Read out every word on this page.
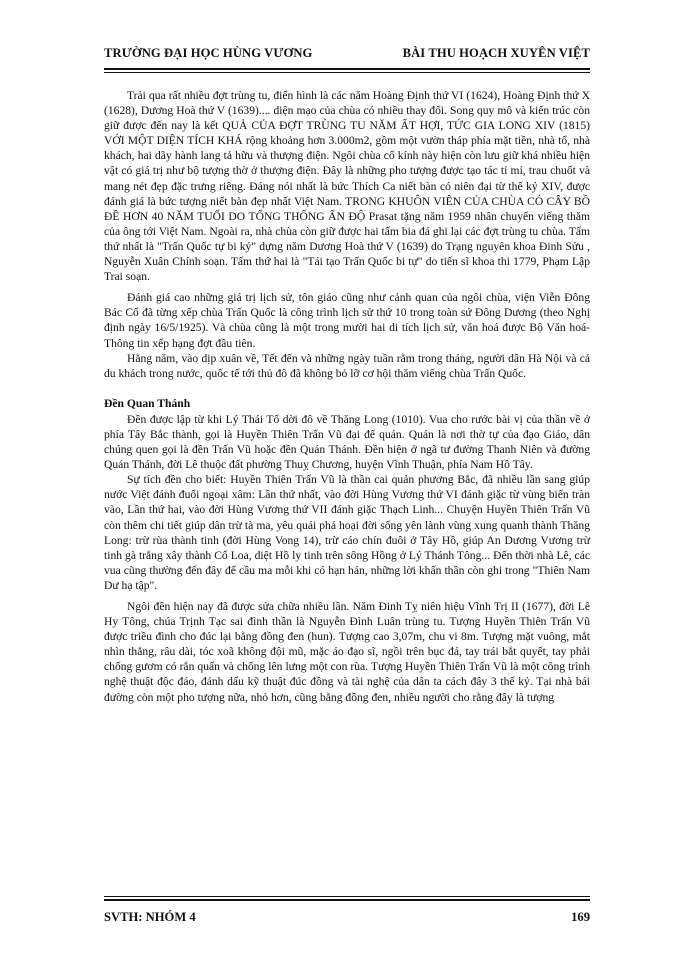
TRƯỜNG ĐẠI HỌC HÙNG VƯƠNG	BÀI THU HOẠCH XUYÊN VIỆT

Trải qua rất nhiều đợt trùng tu, điển hình là các năm Hoàng Định thứ VI (1624), Hoàng Định thứ X (1628), Dương Hoà thứ V (1639).... diện mạo của chùa có nhiều thay đổi. Song quy mô và kiến trúc còn giữ được đến nay là kết QUẢ CỦA ĐỢT TRÙNG TU NĂM ẤT HỢI, TỨC GIA LONG XIV (1815) VỚI MỘT DIỆN TÍCH KHÁ rộng khoảng hơn 3.000m2, gồm một vườn tháp phía mặt tiền, nhà tổ, nhà khách, hai dãy hành lang tả hữu và thượng điện. Ngôi chùa cổ kính này hiện còn lưu giữ khá nhiều hiện vật có giá trị như bộ tượng thờ ở thượng điện. Đây là những pho tượng được tạo tác tỉ mỉ, trau chuốt và mang nét đẹp đặc trưng riêng. Đáng nói nhất là bức Thích Ca niết bàn có niên đại từ thế kỷ XIV, được đánh giá là bức tượng niết bàn đẹp nhất Việt Nam. TRONG KHUÔN VIÊN CỦA CHÙA CÓ CÂY BỒ ĐỀ HƠN 40 NĂM TUỔI DO TỔNG THỐNG ẤN ĐỘ Prasat tặng năm 1959 nhân chuyến viếng thăm của ông tới Việt Nam. Ngoài ra, nhà chùa còn giữ được hai tấm bia đá ghi lại các đợt trùng tu chùa. Tấm thứ nhất là "Trấn Quốc tự bi ký" dựng năm Dương Hoà thứ V (1639) do Trạng nguyên khoa Đinh Sửu , Nguyễn Xuân Chính soạn. Tấm thứ hai là "Tái tạo Trấn Quốc bi tự" do tiến sĩ khoa thi 1779, Phạm Lập Trai soạn.

Đánh giá cao những giá trị lịch sử, tôn giáo cũng như cảnh quan của ngôi chùa, viện Viễn Đông Bác Cổ đã từng xếp chùa Trấn Quốc là công trình lịch sử thứ 10 trong toàn sứ Đông Dương (theo Nghị định ngày 16/5/1925). Và chùa cũng là một trong mười hai di tích lịch sử, văn hoá được Bộ Văn hoá- Thông tin xếp hạng đợt đầu tiên.

Hằng năm, vào dịp xuân về, Tết đến và những ngày tuần rằm trong tháng, người dân Hà Nội và cả du khách trong nước, quốc tế tới thủ đô đã không bỏ lỡ cơ hội thăm viếng chùa Trấn Quốc.

Đền Quan Thánh

Đền được lập từ khi Lý Thái Tổ dời đô về Thăng Long (1010). Vua cho rước bài vị của thần về ở phía Tây Bắc thành, gọi là Huyền Thiên Trấn Vũ đại đế quán. Quán là nơi thờ tự của đạo Giáo, dân chúng quen gọi là đền Trấn Vũ hoặc đền Quán Thánh. Đền hiện ở ngã tư đường Thanh Niên và đường Quán Thánh, đời Lê thuộc đất phường Thuỵ Chương, huyện Vĩnh Thuận, phía Nam Hồ Tây.

Sự tích đền cho biết: Huyền Thiên Trấn Vũ là thần cai quản phương Bắc, đã nhiều lần sang giúp nước Việt đánh đuổi ngoại xâm: Lần thứ nhất, vào đời Hùng Vương thứ VI đánh giặc từ vùng biển tràn vào, Lần thứ hai, vào đời Hùng Vương thứ VII đánh giặc Thạch Linh... Chuyện Huyền Thiên Trấn Vũ còn thêm chi tiết giúp dân trừ tà ma, yêu quái phá hoại đời sống yên lành vùng xung quanh thành Thăng Long: trừ rùa thành tinh (đời Hùng Vong 14), trừ cáo chín đuôi ở Tây Hồ, giúp An Dương Vương trừ tinh gà trắng xây thành Cổ Loa, diệt Hồ ly tinh trên sông Hồng ở Lý Thánh Tông... Đến thời nhà Lê, các vua cũng thường đến đây để cầu ma mỗi khi có hạn hán, những lời khấn thần còn ghi trong "Thiên Nam Dư hạ tập".

Ngôi đền hiện nay đã được sửa chữa nhiều lần. Năm Đinh Tỵ niên hiệu Vĩnh Trị II (1677), đời Lê Hy Tông, chúa Trịnh Tạc sai đình thần là Nguyễn Đình Luân trùng tu. Tượng Huyền Thiên Trấn Vũ được triều đình cho đúc lại bằng đồng đen (hun). Tượng cao 3,07m, chu vi 8m. Tượng mặt vuông, mắt nhìn thẳng, râu dài, tóc xoã không đội mũ, mặc áo đạo sĩ, ngồi trên bục đá, tay trái bắt quyết, tay phải chống gươm có rắn quấn và chống lên lưng một con rùa. Tượng Huyền Thiên Trấn Vũ là một công trình nghệ thuật độc đáo, đánh dấu kỹ thuật đúc đồng và tài nghệ của dân ta cách đây 3 thế kỷ. Tại nhà bái đường còn một pho tượng nữa, nhỏ hơn, cũng bằng đồng đen, nhiều người cho rằng đây là tượng

SVTH: NHÓM 4	169
